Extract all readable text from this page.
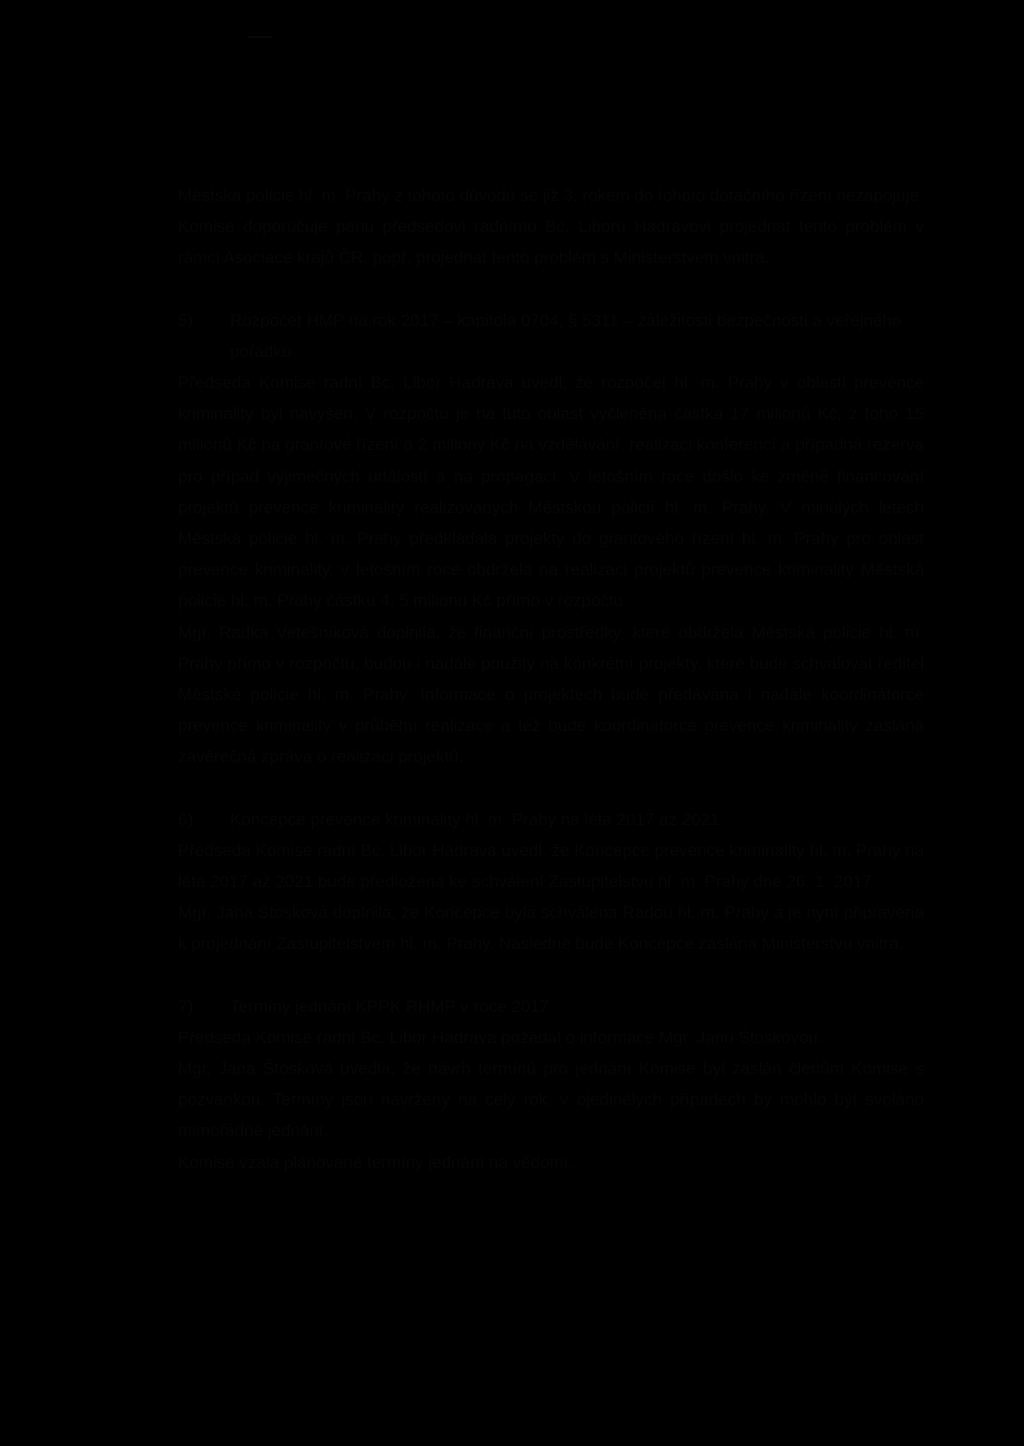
Městská policie hl. m. Prahy z tohoto důvodu se již 3. rokem do tohoto dotačního řízení nezapojuje.

Komise doporučuje panu předsedovi radnímu Bc. Liboru Hadravovi projednat tento problém v rámci Asociace krajů ČR, popř. projednat tento problém s Ministerstvem vnitra.

5)	Rozpočet HMP na rok 2017 – kapitola 0704, § 5311 – záležitosti bezpečnosti a veřejného pořádku

Předseda Komise radní Bc. Libor Hadrava uvedl, že rozpočet hl. m. Prahy v oblasti prevence kriminality byl navýšen. V rozpočtu je na tuto oblast vyčleněna částka 17 milionů Kč, z toho 15 milionů Kč na grantové řízení a 2 miliony Kč na vzdělávání, realizaci konferencí a případná rezerva pro případ výjimečných událostí a na propagaci. V letošním roce došlo ke změně financování projektů prevence kriminality realizovaných Městskou policií hl. m. Prahy. V minulých letech Městská policie hl. m. Prahy předkládala projekty do grantového řízení hl. m. Prahy pro oblast prevence kriminality, v letošním roce obdržela na realizaci projektů prevence kriminality Městská policie hl. m. Prahy částku 4, 5 milionu Kč přímo v rozpočtu.

Mgr. Radka Vetešníková doplnila, že finanční prostředky, které obdržela Městská policie hl. m. Prahy přímo v rozpočtu, budou i nadále použity na konkrétní projekty, které bude schvalovat ředitel Městské policie hl. m. Prahy. Informace o projektech bude předávána i nadále koordinátorce prevence kriminality v průběhu realizace a též bude koordinátorce prevence kriminality zaslána závěrečná zpráva o realizaci projektů.

6)	Koncepce prevence kriminality hl. m. Prahy na léta 2017 až 2021

Předseda Komise radní Bc. Libor Hadrava uvedl, že Koncepce prevence kriminality hl. m. Prahy na léta 2017 až 2021 bude předložena ke schválení Zastupitelstvu hl. m. Prahy dne 26. 1. 2017.

Mgr. Jana Štosková doplnila, že Koncepce byla schválena Radou hl. m. Prahy a je nyní připravena k projednání Zastupitelstvem hl. m. Prahy. Následně bude Koncepce zaslána Ministerstvu vnitra.

7)	Termíny jednání KPPK RHMP v roce 2017

Předseda Komise radní Bc. Libor Hadrava požádal o informace Mgr. Janu Štoskovou.

Mgr. Jana Štosková uvedla, že návrh termínů pro jednání Komise byl zaslán členům Komise s pozvánkou. Termíny jsou navrženy na celý rok, v ojedinělých případech by mohlo být svoláno mimořádné jednání.

Komise vzala plánované termíny jednání na vědomí.
